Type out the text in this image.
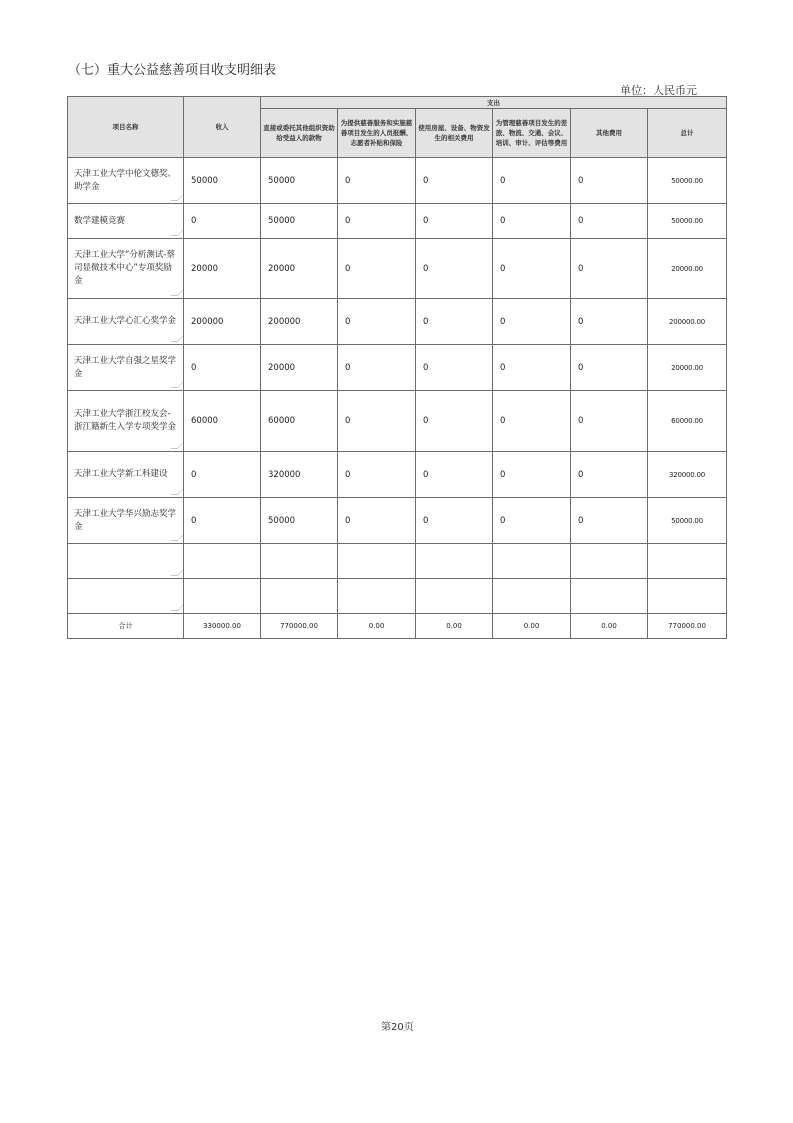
（七）重大公益慈善项目收支明细表
单位：人民币元
项目名称	收入	支出					
		直接或委托其他组织资助给受益人的款物	为提供慈善服务和实施慈善项目发生的人员报酬、志愿者补贴和保险	使用房屋、设备、物资发生的相关费用	为管理慈善项目发生的差旅、物流、交通、会议、培训、审计、评估等费用	其他费用	总计
天津工业大学中伦文德奖、助学金	50000	50000	0	0	0	0	50000.00
数学建模竞赛	0	50000	0	0	0	0	50000.00
天津工业大学“分析测试-蔡司显微技术中心”专项奖励金	20000	20000	0	0	0	0	20000.00
天津工业大学心汇心奖学金	200000	200000	0	0	0	0	200000.00
天津工业大学自强之星奖学金	0	20000	0	0	0	0	20000.00
天津工业大学浙江校友会-浙江籍新生入学专项奖学金	60000	60000	0	0	0	0	60000.00
天津工业大学新工科建设	0	320000	0	0	0	0	320000.00
天津工业大学华兴励志奖学金	0	50000	0	0	0	0	50000.00

合计	330000.00	770000.00	0.00	0.00	0.00	0.00	770000.00
第20页
